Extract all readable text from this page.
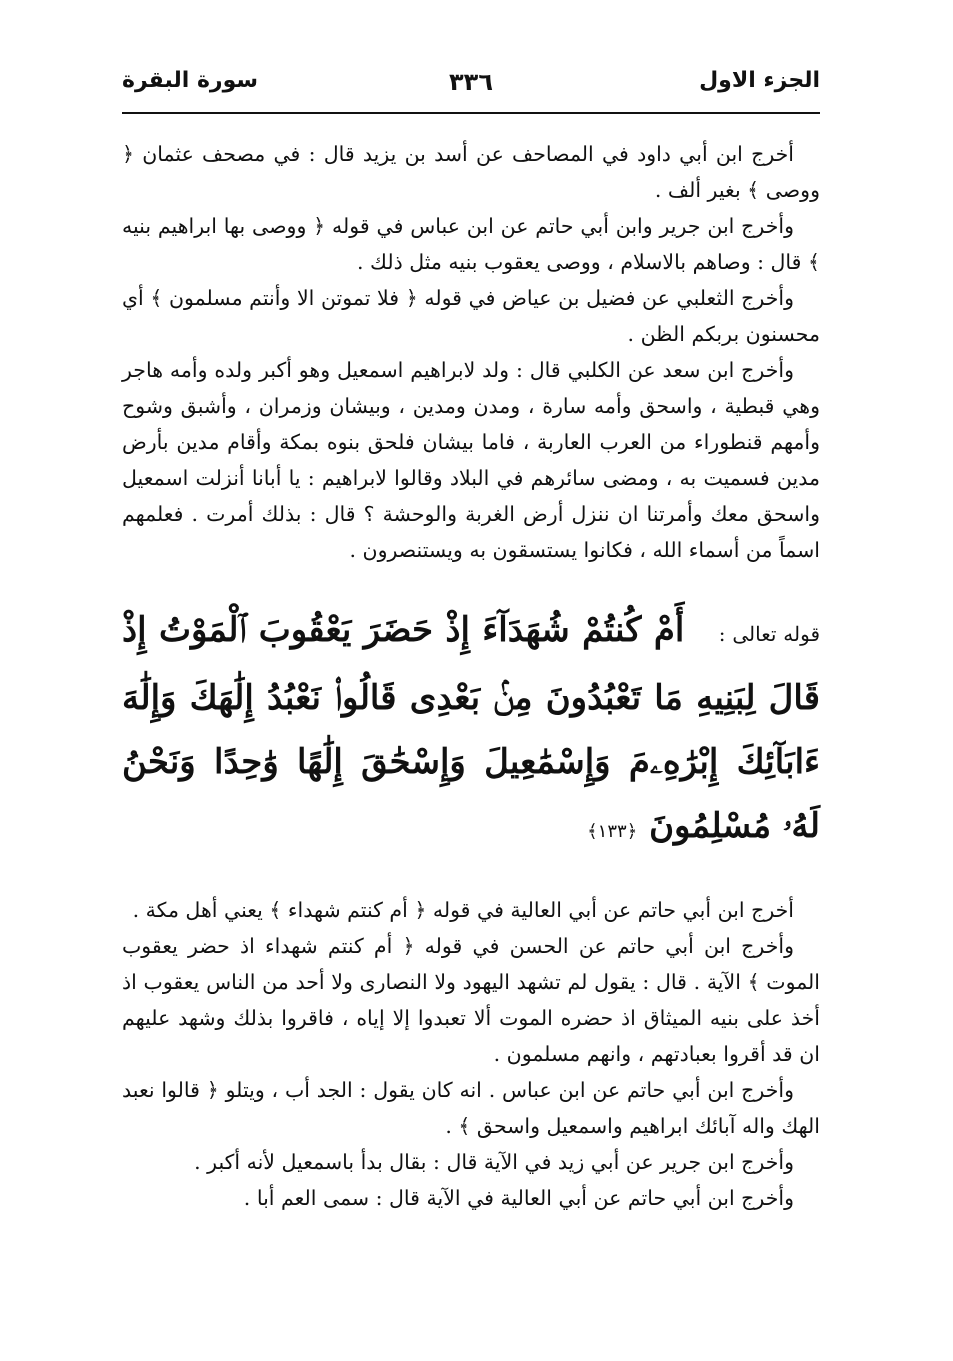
الجزء الاول
٣٣٦
سورة البقرة

أخرج ابن أبي داود في المصاحف عن أسد بن يزيد قال : في مصحف عثمان ﴿ ووصى ﴾ بغير ألف .

وأخرج ابن جرير وابن أبي حاتم عن ابن عباس في قوله ﴿ ووصى بها ابراهيم بنيه ﴾ قال : وصاهم بالاسلام ، ووصى يعقوب بنيه مثل ذلك .

وأخرج الثعلبي عن فضيل بن عياض في قوله ﴿ فلا تموتن الا وأنتم مسلمون ﴾ أي محسنون بربكم الظن .

وأخرج ابن سعد عن الكلبي قال : ولد لابراهيم اسمعيل وهو أكبر ولده وأمه هاجر وهي قبطية ، واسحق وأمه سارة ، ومدن ومدين ، وبيشان وزمران ، وأشبق وشوح وأمهم قنطوراء من العرب العاربة ، فاما بيشان فلحق بنوه بمكة وأقام مدين بأرض مدين فسميت به ، ومضى سائرهم في البلاد وقالوا لابراهيم : يا أبانا أنزلت اسمعيل واسحق معك وأمرتنا ان ننزل أرض الغربة والوحشة ؟ قال : بذلك أمرت . فعلمهم اسماً من أسماء الله ، فكانوا يستسقون به ويستنصرون .

قوله تعالى : أَمْ كُنتُمْ شُهَدَآءَ إِذْ حَضَرَ يَعْقُوبَ ٱلْمَوْتُ إِذْ قَالَ لِبَنِيهِ مَا تَعْبُدُونَ مِنۢ بَعْدِى قَالُوا۟ نَعْبُدُ إِلَٰهَكَ وَإِلَٰهَ ءَابَآئِكَ إِبْرَٰهِۦمَ وَإِسْمَٰعِيلَ وَإِسْحَٰقَ إِلَٰهًا وَٰحِدًا وَنَحْنُ لَهُۥ مُسْلِمُونَ ﴿١٣٣﴾

أخرج ابن أبي حاتم عن أبي العالية في قوله ﴿ أم كنتم شهداء ﴾ يعني أهل مكة .

وأخرج ابن أبي حاتم عن الحسن في قوله ﴿ أم كنتم شهداء اذ حضر يعقوب الموت ﴾ الآية . قال : يقول لم تشهد اليهود ولا النصارى ولا أحد من الناس يعقوب اذ أخذ على بنيه الميثاق اذ حضره الموت ألا تعبدوا إلا إياه ، فاقروا بذلك وشهد عليهم ان قد أقروا بعبادتهم ، وانهم مسلمون .

وأخرج ابن أبي حاتم عن ابن عباس . انه كان يقول : الجد أب ، ويتلو ﴿ قالوا نعبد الهك واله آبائك ابراهيم واسمعيل واسحق ﴾ .

وأخرج ابن جرير عن أبي زيد في الآية قال : بقال بدأ باسمعيل لأنه أكبر .

وأخرج ابن أبي حاتم عن أبي العالية في الآية قال : سمى العم أبا .
